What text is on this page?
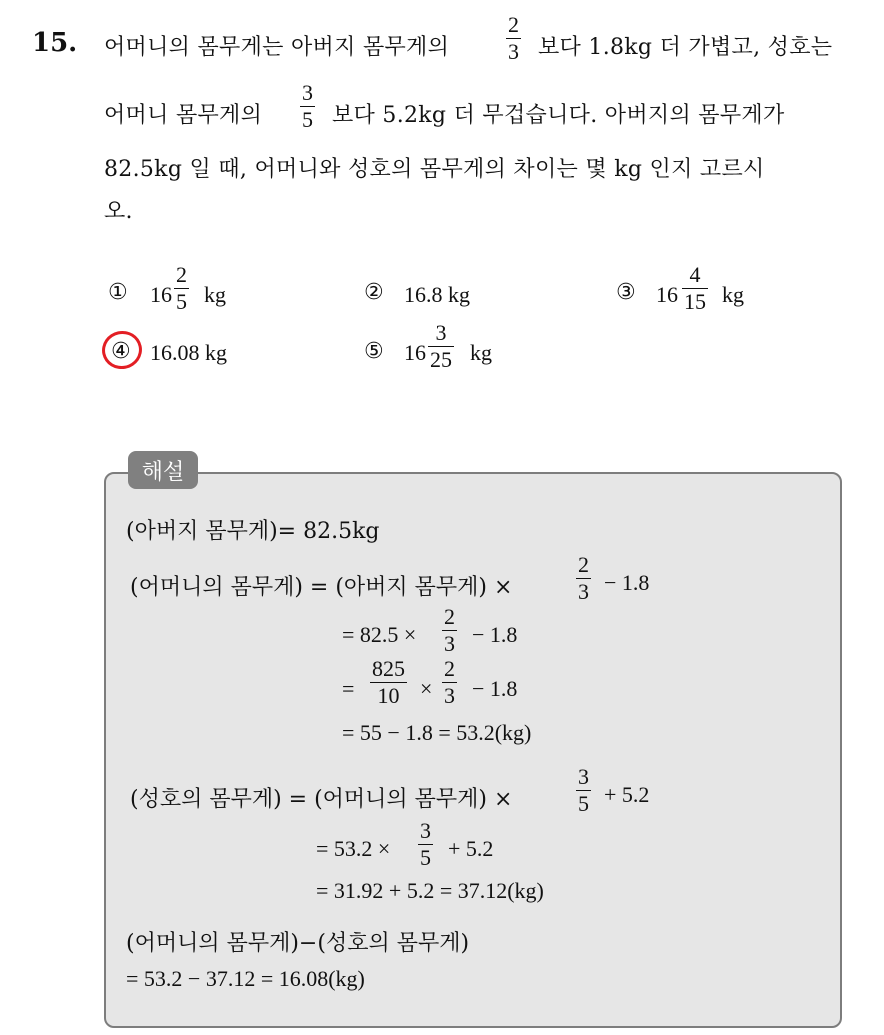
15. 어머니의 몸무게는 아버지 몸무게의
2
3 보다 1.8kg 더 가볍고, 성호는
어머니 몸무게의
3
5 보다 5.2kg 더 무겁습니다. 아버지의 몸무게가
82.5kg 일 때, 어머니와 성호의 몸무게의 차이는 몇 kg 인지 고르시
오.
① 16
2
5 kg	② 16.8 kg	③ 16
4
15 kg
④ 16.08 kg	⑤ 16
3
25 kg
해설
(아버지 몸무게)= 82.5kg
(어머니의 몸무게) = (아버지 몸무게) ×
2
3 − 1.8
= 82.5 ×
2
3 − 1.8
=
825
10 ×
2
3 − 1.8
= 55 − 1.8 = 53.2(kg)
(성호의 몸무게) = (어머니의 몸무게) ×
3
5 + 5.2
= 53.2 ×
3
5 + 5.2
= 31.92 + 5.2 = 37.12(kg)
(어머니의 몸무게)−(성호의 몸무게)
= 53.2 − 37.12 = 16.08(kg)
